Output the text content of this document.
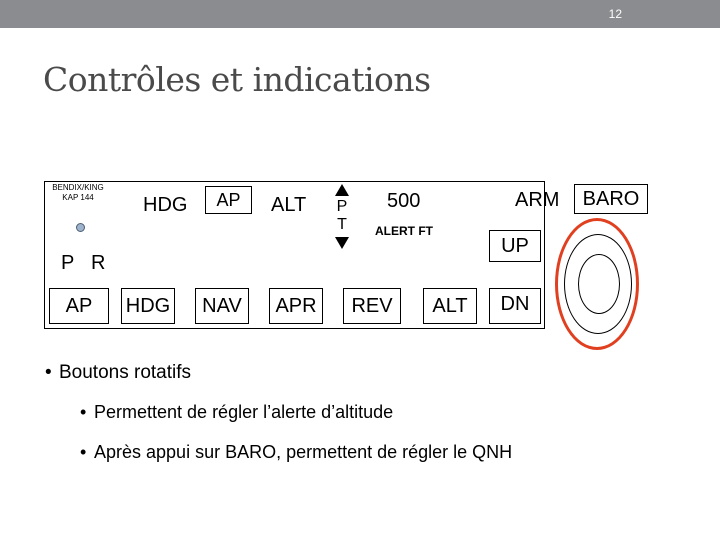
12
Contrôles et indications
BENDIX/KING
KAP 144	HDG	AP	ALT P
T
500
ALERT FT
ARM
P R
AP	HDG	NAV	APR	REV	ALT
BARO
UP
DN
• Boutons rotatifs
• Permettent de régler l’alerte d’altitude
• Après appui sur BARO, permettent de régler le QNH
